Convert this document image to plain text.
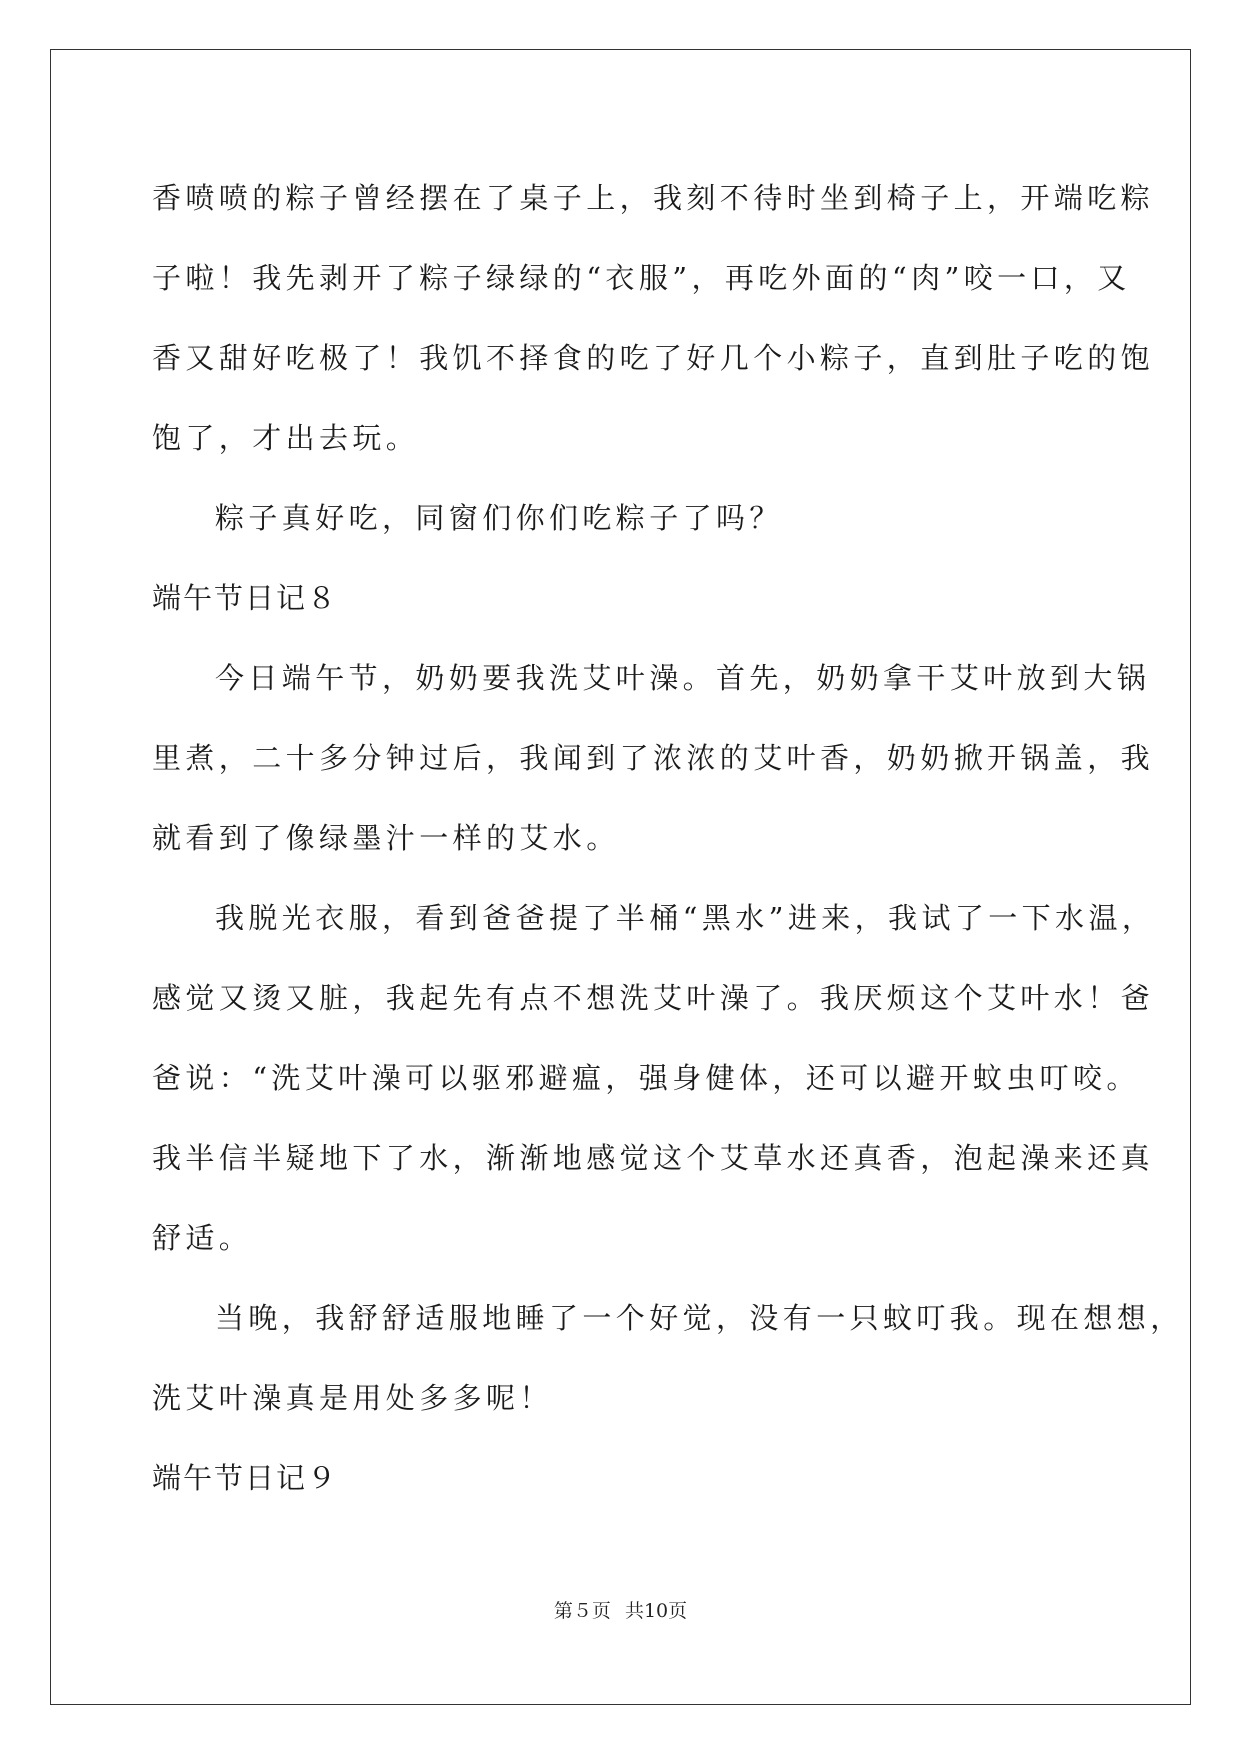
香喷喷的粽子曾经摆在了桌子上，我刻不待时坐到椅子上，开端吃粽
子啦！我先剥开了粽子绿绿的“衣服”，再吃外面的“肉”咬一口，又
香又甜好吃极了！我饥不择食的吃了好几个小粽子，直到肚子吃的饱
饱了，才出去玩。
粽子真好吃，同窗们你们吃粽子了吗？
端午节日记８
今日端午节，奶奶要我洗艾叶澡。首先，奶奶拿干艾叶放到大锅
里煮，二十多分钟过后，我闻到了浓浓的艾叶香，奶奶掀开锅盖，我
就看到了像绿墨汁一样的艾水。
我脱光衣服，看到爸爸提了半桶“黑水”进来，我试了一下水温，
感觉又烫又脏，我起先有点不想洗艾叶澡了。我厌烦这个艾叶水！爸
爸说：“洗艾叶澡可以驱邪避瘟，强身健体，还可以避开蚊虫叮咬。
我半信半疑地下了水，渐渐地感觉这个艾草水还真香，泡起澡来还真
舒适。
当晚，我舒舒适服地睡了一个好觉，没有一只蚊叮我。现在想想，
洗艾叶澡真是用处多多呢！
端午节日记９
第５页 共10页
